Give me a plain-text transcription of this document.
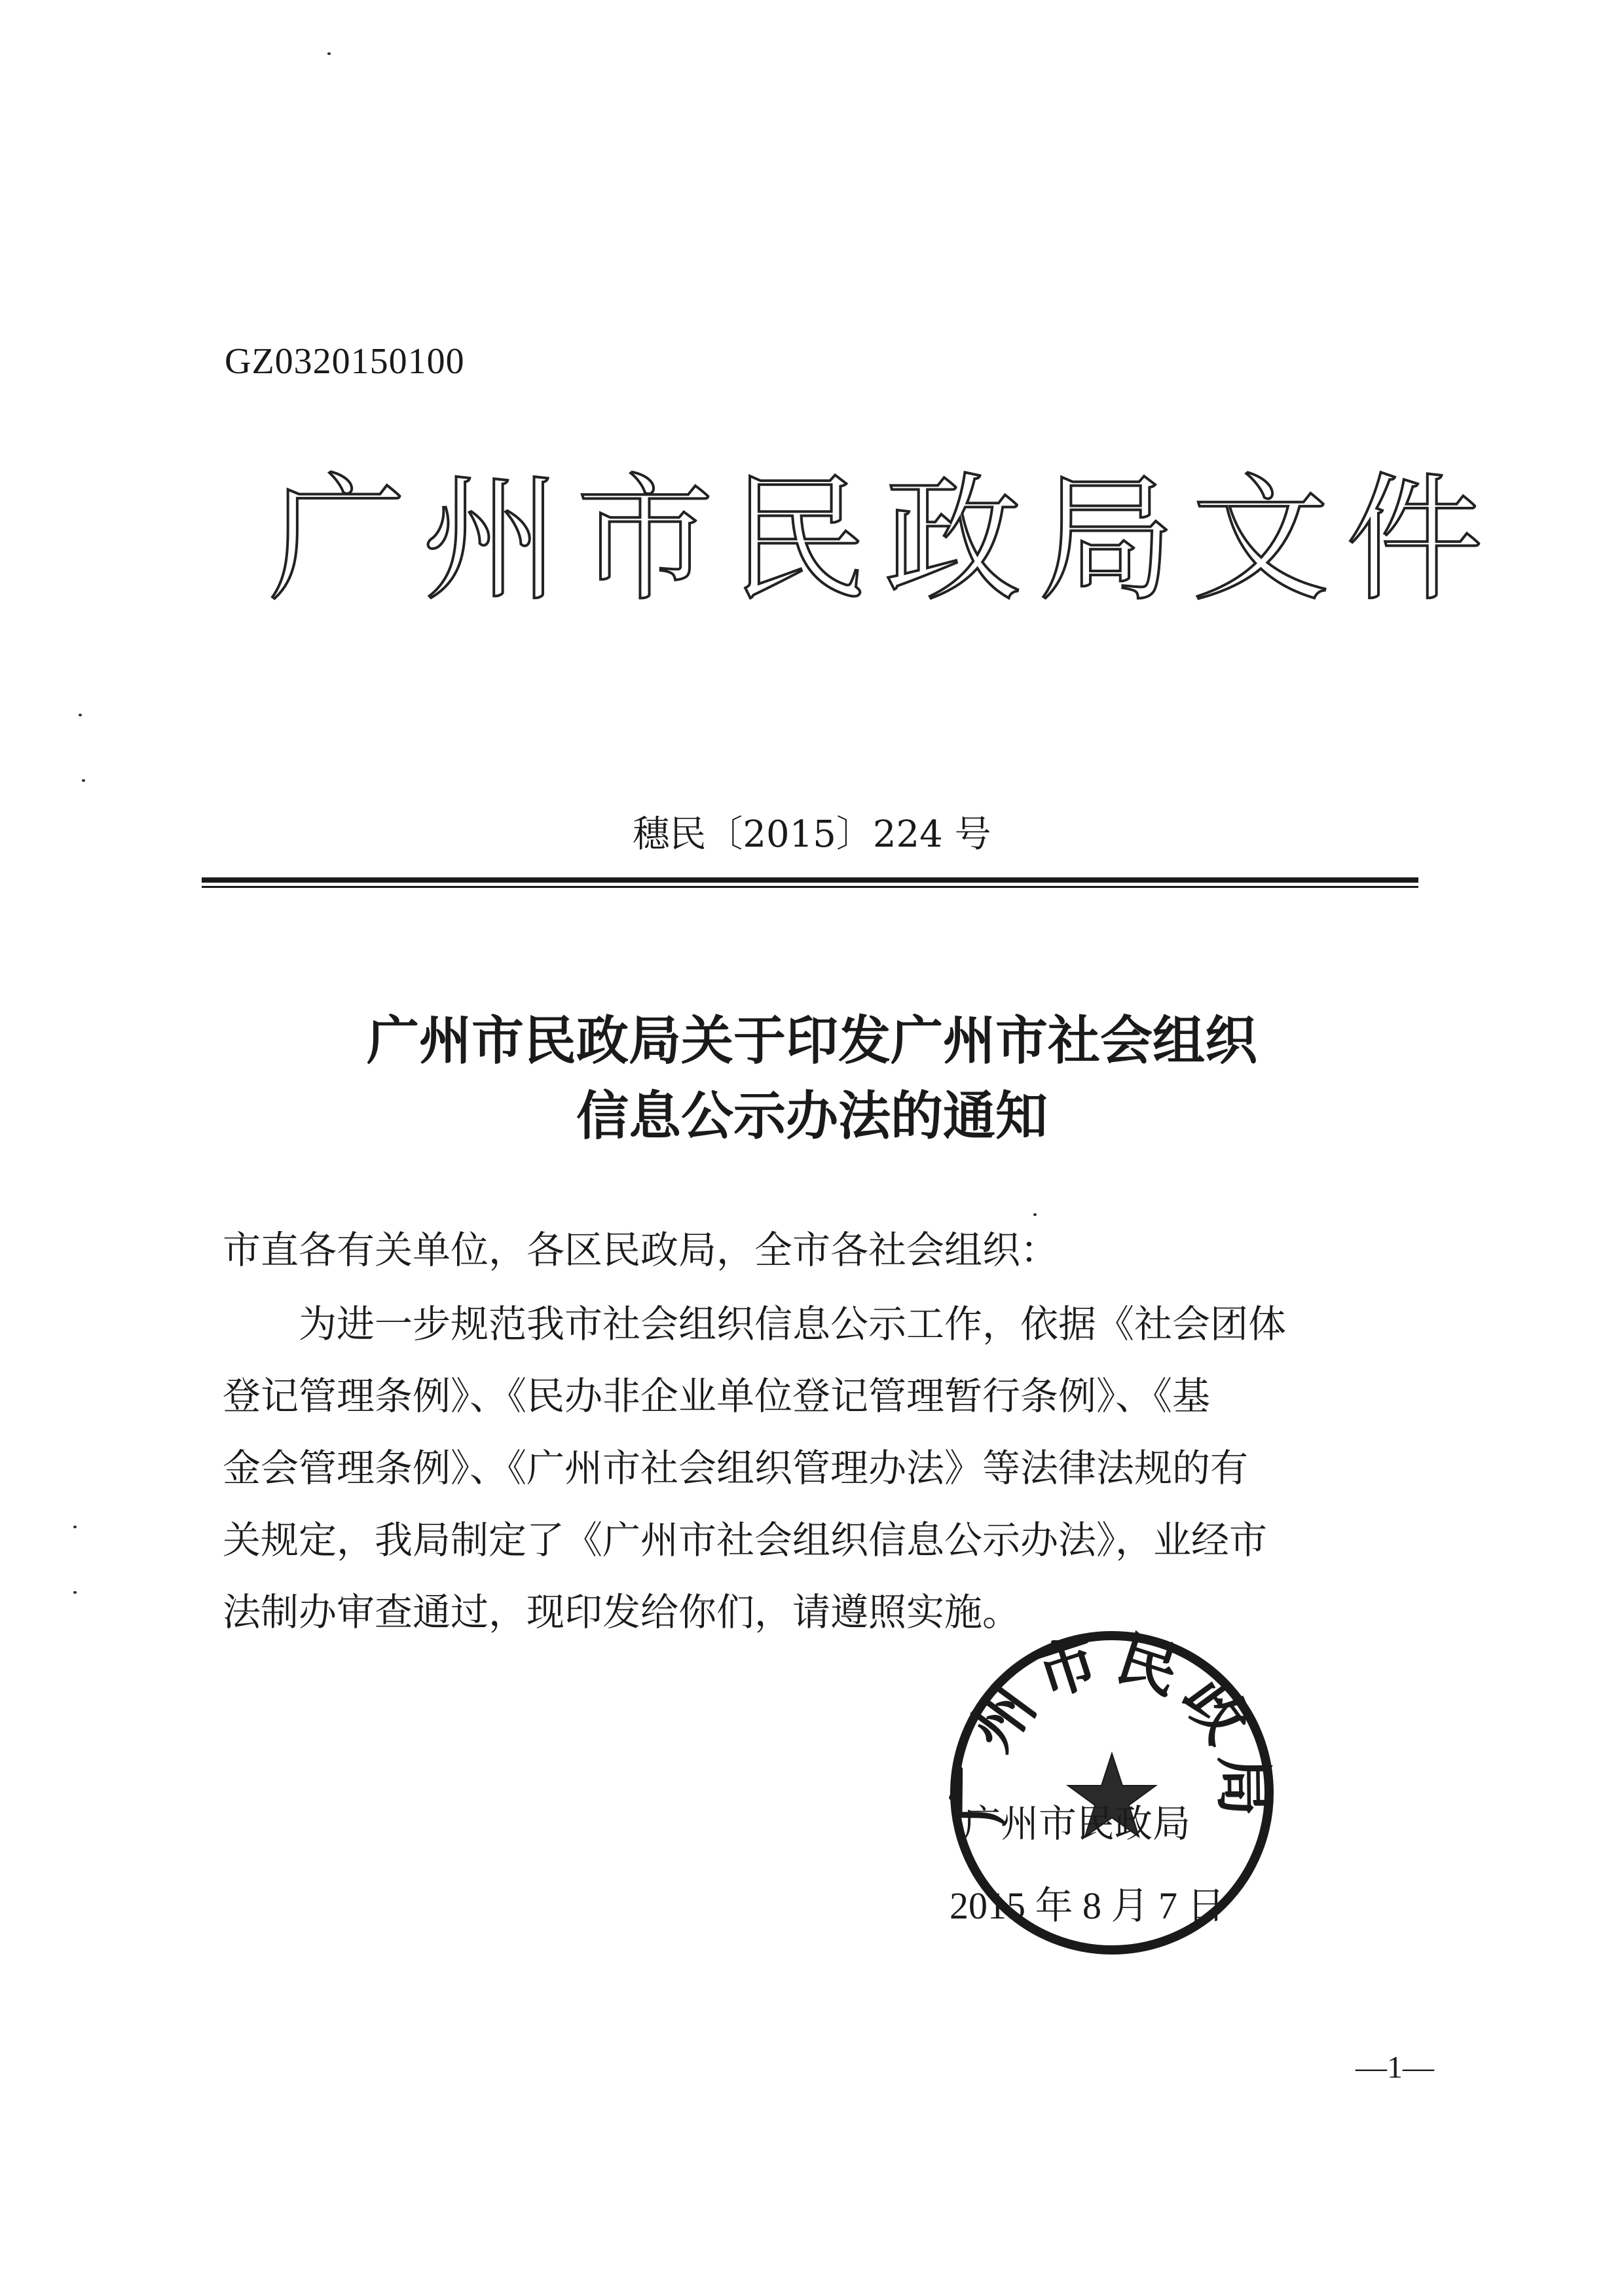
GZ0320150100
广州市民政局文件
穗民〔2015〕224 号
广州市民政局关于印发广州市社会组织
信息公示办法的通知
市直各有关单位，各区民政局，全市各社会组织：
　　为进一步规范我市社会组织信息公示工作，依据《社会团体
登记管理条例》、《民办非企业单位登记管理暂行条例》、《基
金会管理条例》、《广州市社会组织管理办法》等法律法规的有
关规定，我局制定了《广州市社会组织信息公示办法》，业经市
法制办审查通过，现印发给你们，请遵照实施。
广州市民政局
广州市民政局
2015 年 8 月 7 日
—1—
